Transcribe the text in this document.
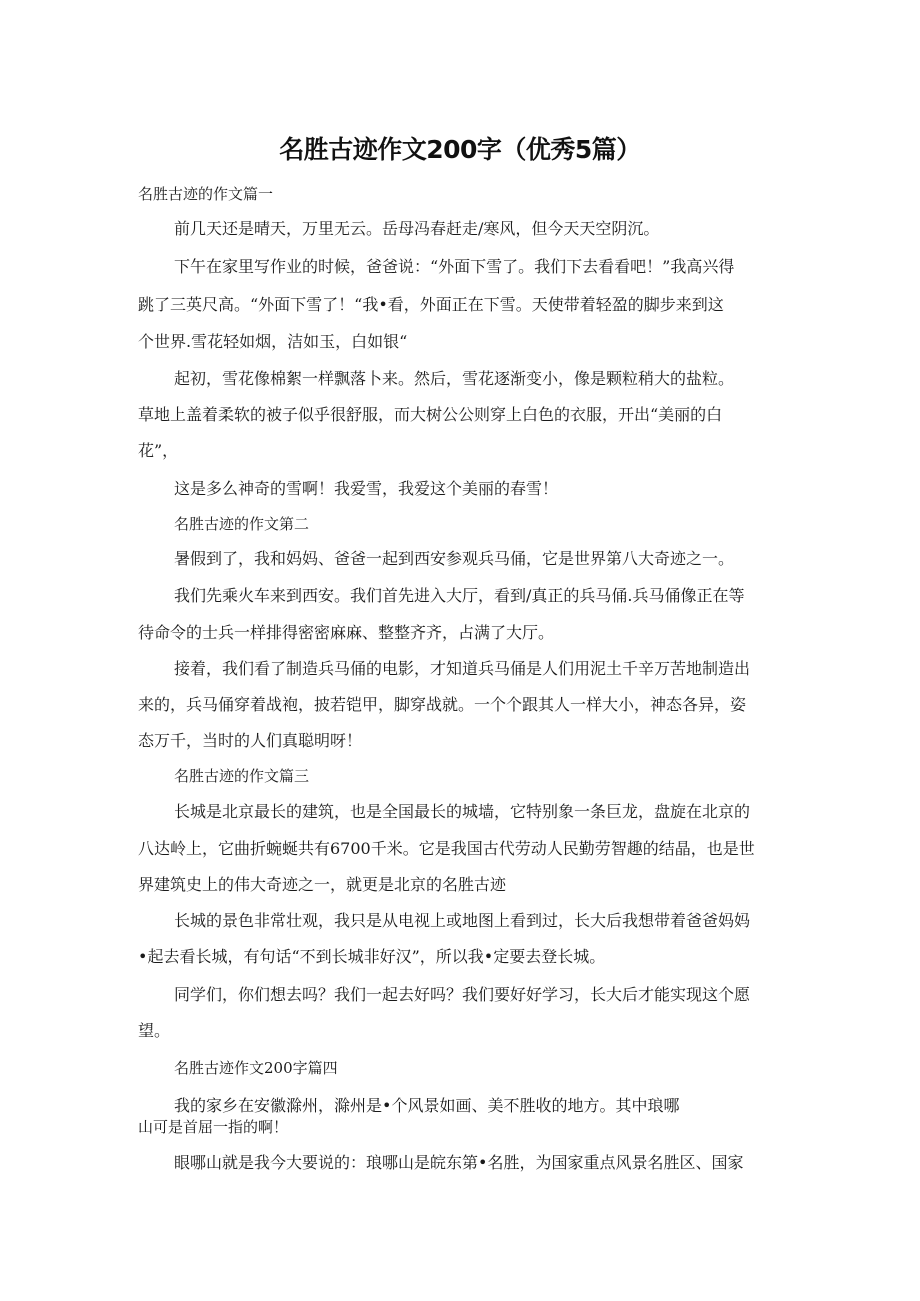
名胜古迹作文200字（优秀5篇）
名胜古迹的作文篇一
前几天还是晴天，万里无云。岳母冯春赶走/寒风，但今天天空阴沉。
下午在家里写作业的时候，爸爸说：“外面下雪了。我们下去看看吧！”我高兴得
跳了三英尺高。“外面下雪了！“我•看，外面正在下雪。天使带着轻盈的脚步来到这
个世界.雪花轻如烟，洁如玉，白如银“
起初，雪花像棉絮一样飘落卜来。然后，雪花逐渐变小，像是颗粒稍大的盐粒。
草地上盖着柔软的被子似乎很舒服，而大树公公则穿上白色的衣服，开出“美丽的白
花”，
这是多么神奇的雪啊！我爱雪，我爱这个美丽的春雪！
名胜古迹的作文第二
暑假到了，我和妈妈、爸爸一起到西安参观兵马俑，它是世界第八大奇迹之一。
我们先乘火车来到西安。我们首先进入大厅，看到/真正的兵马俑.兵马俑像正在等
待命令的士兵一样排得密密麻麻、整整齐齐，占满了大厅。
接着，我们看了制造兵马俑的电影，才知道兵马俑是人们用泥土千辛万苦地制造出
来的，兵马俑穿着战袍，披若铠甲，脚穿战就。一个个跟其人一样大小，神态各异，姿
态万千，当时的人们真聪明呀！
名胜古迹的作文篇三
长城是北京最长的建筑，也是全国最长的城墙，它特别象一条巨龙，盘旋在北京的
八达岭上，它曲折蜿蜒共有6700千米。它是我国古代劳动人民勤劳智趣的结晶，也是世
界建筑史上的伟大奇迹之一，就更是北京的名胜古迹
长城的景色非常壮观，我只是从电视上或地图上看到过，长大后我想带着爸爸妈妈
•起去看长城，有句话“不到长城非好汉”，所以我•定要去登长城。
同学们，你们想去吗？我们一起去好吗？我们要好好学习，长大后才能实现这个愿
望。
名胜古迹作文200字篇四
我的家乡在安徽滁州，滁州是•个风景如画、美不胜收的地方。其中琅哪
山可是首屈一指的啊！
眼哪山就是我今大要说的：琅哪山是皖东第•名胜，为国家重点风景名胜区、国家
